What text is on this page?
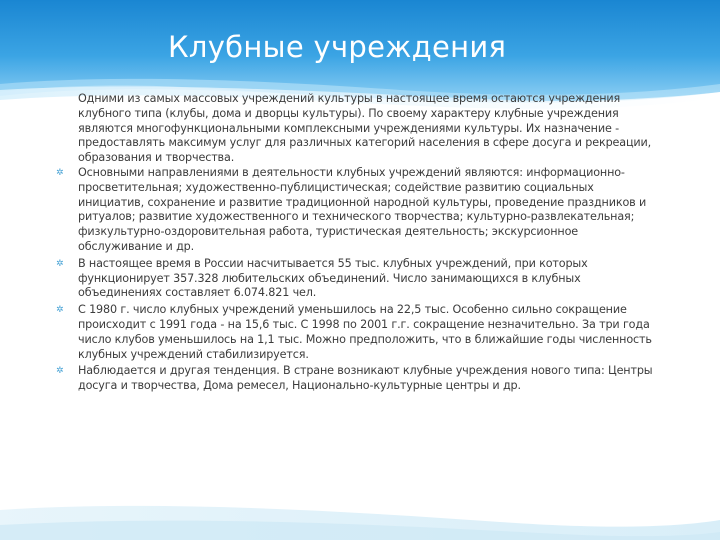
Клубные учреждения
Одними из самых массовых учреждений культуры в настоящее время остаются учреждения клубного типа (клубы, дома и дворцы культуры). По своему характеру клубные учреждения являются многофункциональными комплексными учреждениями культуры. Их назначение - предоставлять максимум услуг для различных категорий населения в сфере досуга и рекреации, образования и творчества.
✲	Основными направлениями в деятельности клубных учреждений являются: информационно-просветительная; художественно-публицистическая; содействие развитию социальных инициатив, сохранение и развитие традиционной народной культуры, проведение праздников и ритуалов; развитие художественного и технического творчества; культурно-развлекательная; физкультурно-оздоровительная работа, туристическая деятельность; экскурсионное обслуживание и др.
✲	В настоящее время в России насчитывается 55 тыс. клубных учреждений, при которых функционирует 357.328 любительских объединений. Число занимающихся в клубных объединениях составляет 6.074.821 чел.
✲	С 1980 г. число клубных учреждений уменьшилось на 22,5 тыс. Особенно сильно сокращение происходит с 1991 года - на 15,6 тыс. С 1998 по 2001 г.г. сокращение незначительно. За три года число клубов уменьшилось на 1,1 тыс. Можно предположить, что в ближайшие годы численность клубных учреждений стабилизируется.
✲	Наблюдается и другая тенденция. В стране возникают клубные учреждения нового типа: Центры досуга и творчества, Дома ремесел, Национально-культурные центры и др.
